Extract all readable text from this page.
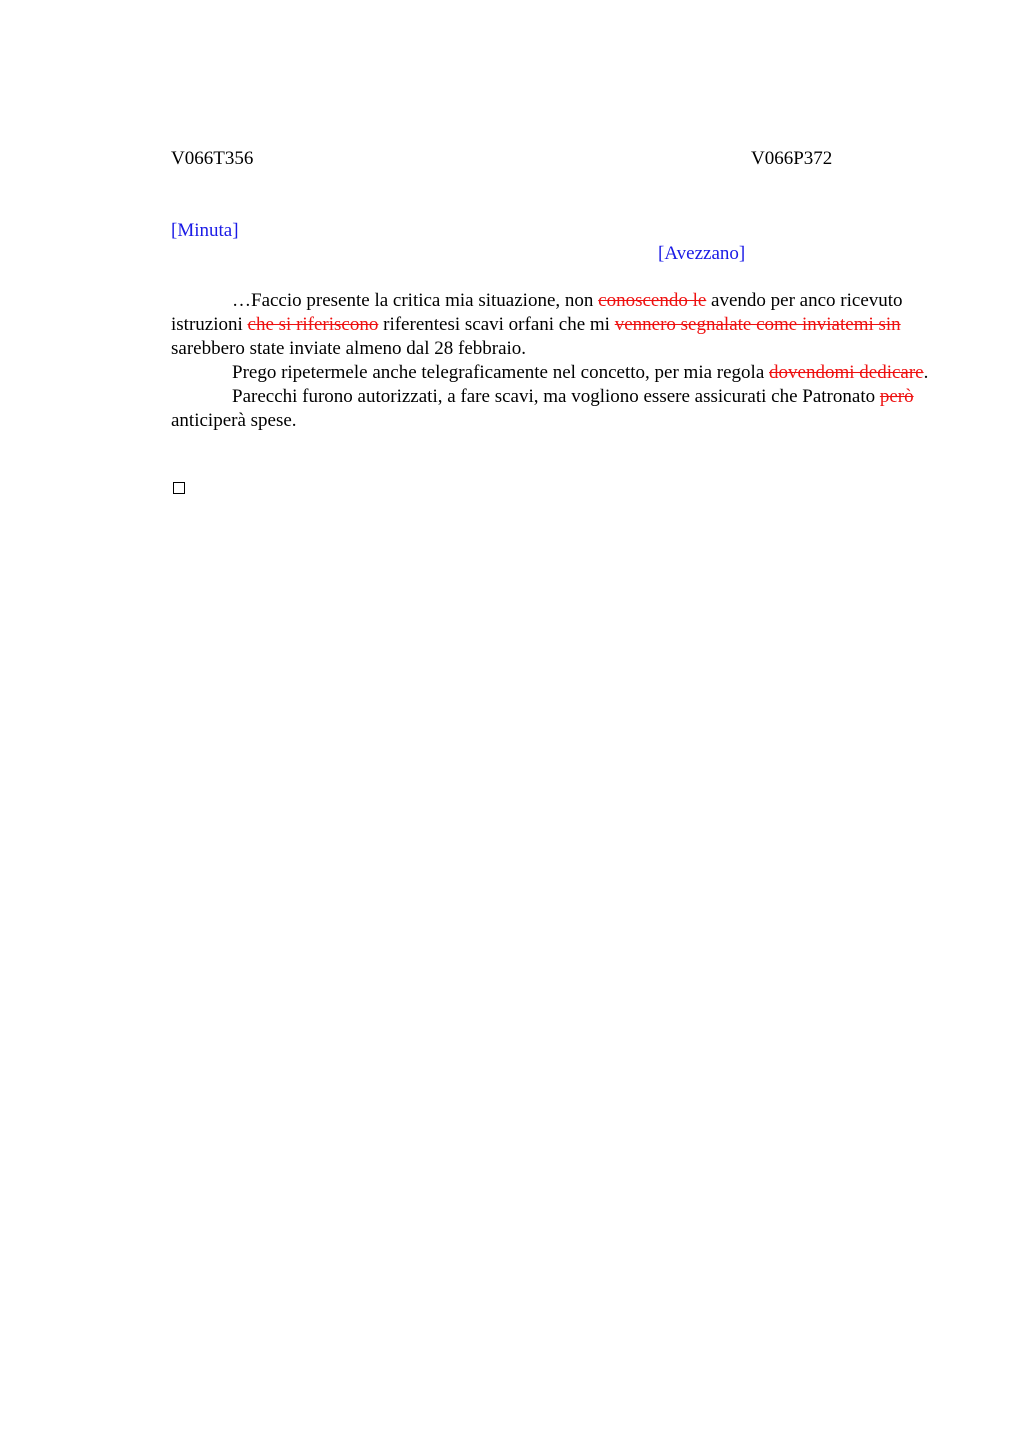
V066T356	V066P372
[Minuta]
[Avezzano]

…Faccio presente la critica mia situazione, non conoscendo le avendo per anco ricevuto istruzioni che si riferiscono riferentesi scavi orfani che mi vennero segnalate come inviatemi sin sarebbero state inviate almeno dal 28 febbraio.

Prego ripetermele anche telegraficamente nel concetto, per mia regola dovendomi dedicare.

Parecchi furono autorizzati, a fare scavi, ma vogliono essere assicurati che Patronato però anticiperà spese.
